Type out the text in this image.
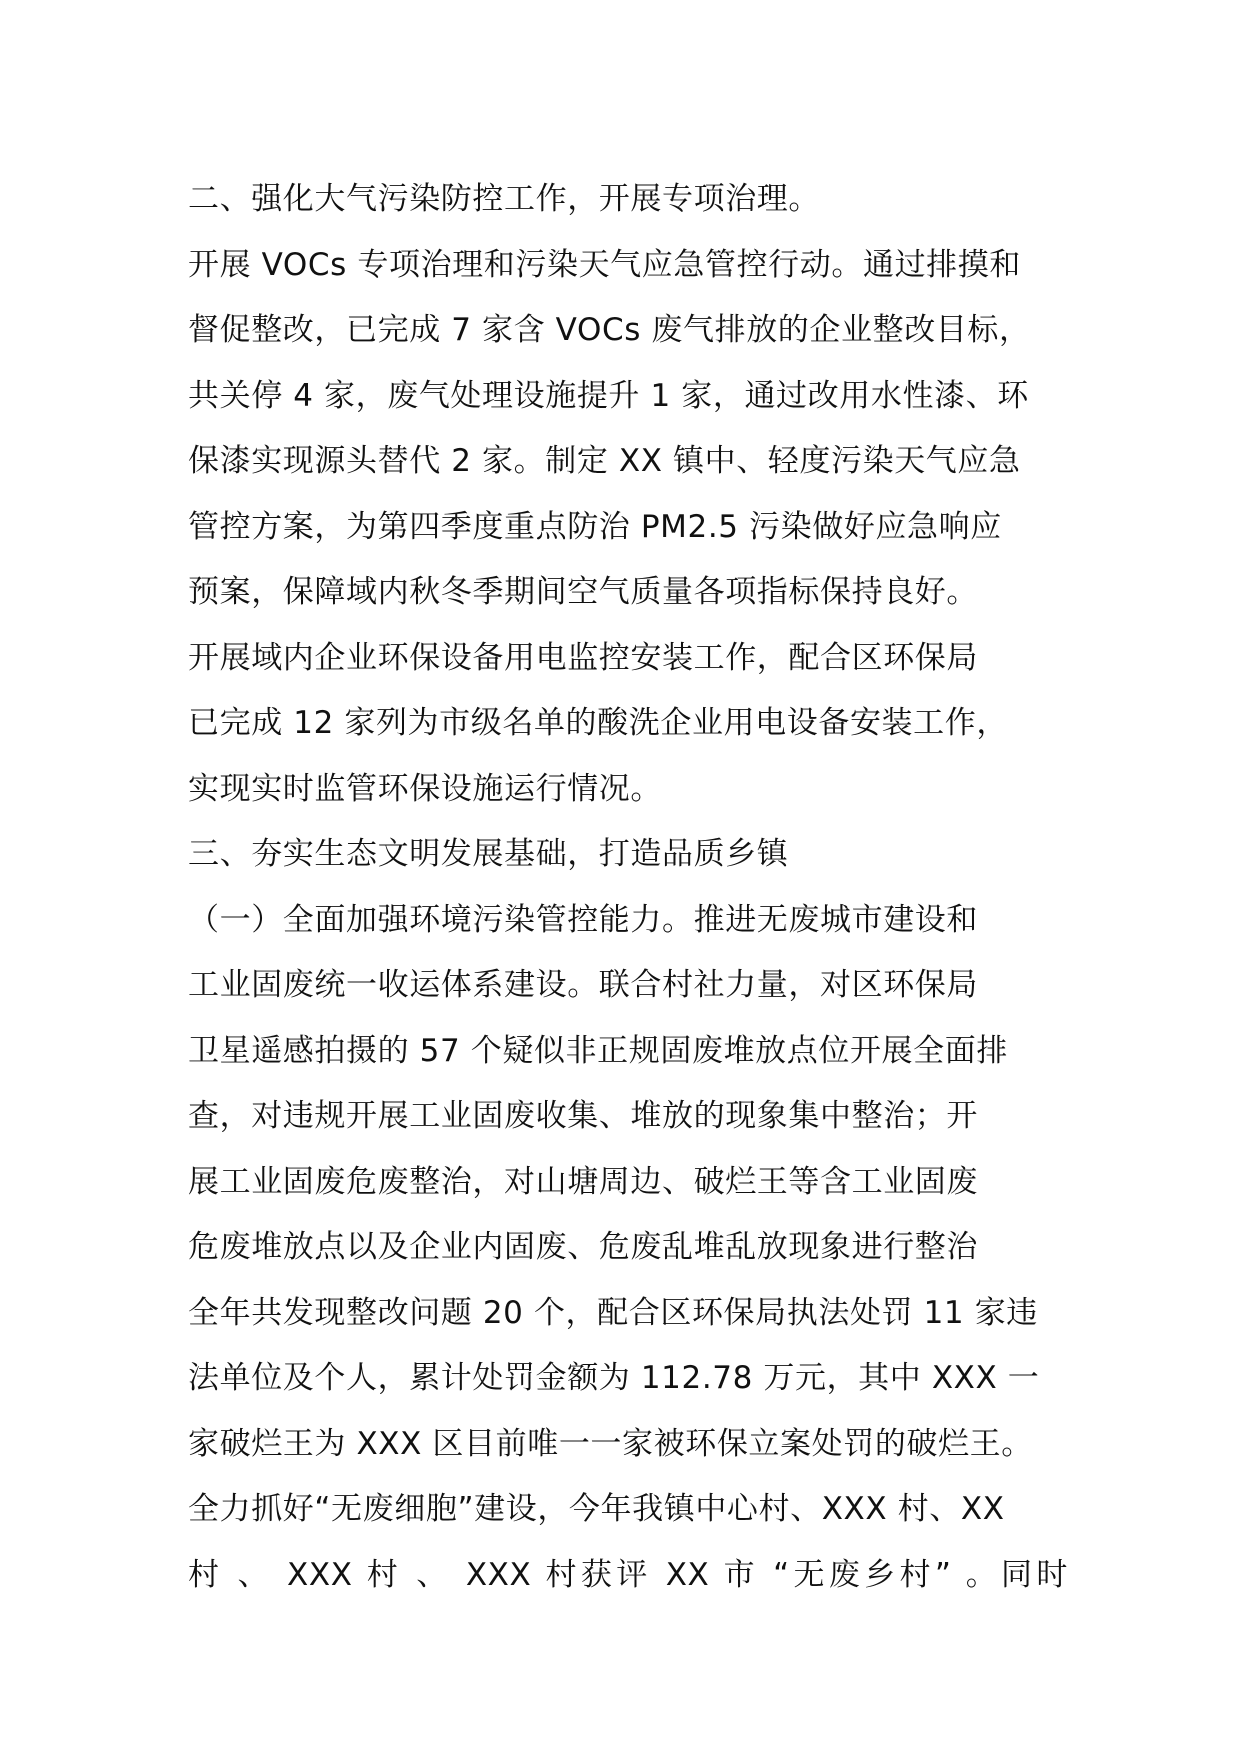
二、强化大气污染防控工作，开展专项治理。
开展 VOCs 专项治理和污染天气应急管控行动。通过排摸和
督促整改，已完成 7 家含 VOCs 废气排放的企业整改目标，
共关停 4 家，废气处理设施提升 1 家，通过改用水性漆、环
保漆实现源头替代 2 家。制定 XX 镇中、轻度污染天气应急
管控方案，为第四季度重点防治 PM2.5 污染做好应急响应
预案，保障域内秋冬季期间空气质量各项指标保持良好。
开展域内企业环保设备用电监控安装工作，配合区环保局
已完成 12 家列为市级名单的酸洗企业用电设备安装工作，
实现实时监管环保设施运行情况。
三、夯实生态文明发展基础，打造品质乡镇
（一）全面加强环境污染管控能力。推进无废城市建设和
工业固废统一收运体系建设。联合村社力量，对区环保局
卫星遥感拍摄的 57 个疑似非正规固废堆放点位开展全面排
查，对违规开展工业固废收集、堆放的现象集中整治；开
展工业固废危废整治，对山塘周边、破烂王等含工业固废
危废堆放点以及企业内固废、危废乱堆乱放现象进行整治
全年共发现整改问题 20 个，配合区环保局执法处罚 11 家违
法单位及个人，累计处罚金额为 112.78 万元，其中 XXX 一
家破烂王为 XXX 区目前唯一一家被环保立案处罚的破烂王。
全力抓好“无废细胞”建设，今年我镇中心村、XXX 村、XX
村 、 XXX 村 、 XXX 村获评 XX 市 “无废乡村” 。同时
